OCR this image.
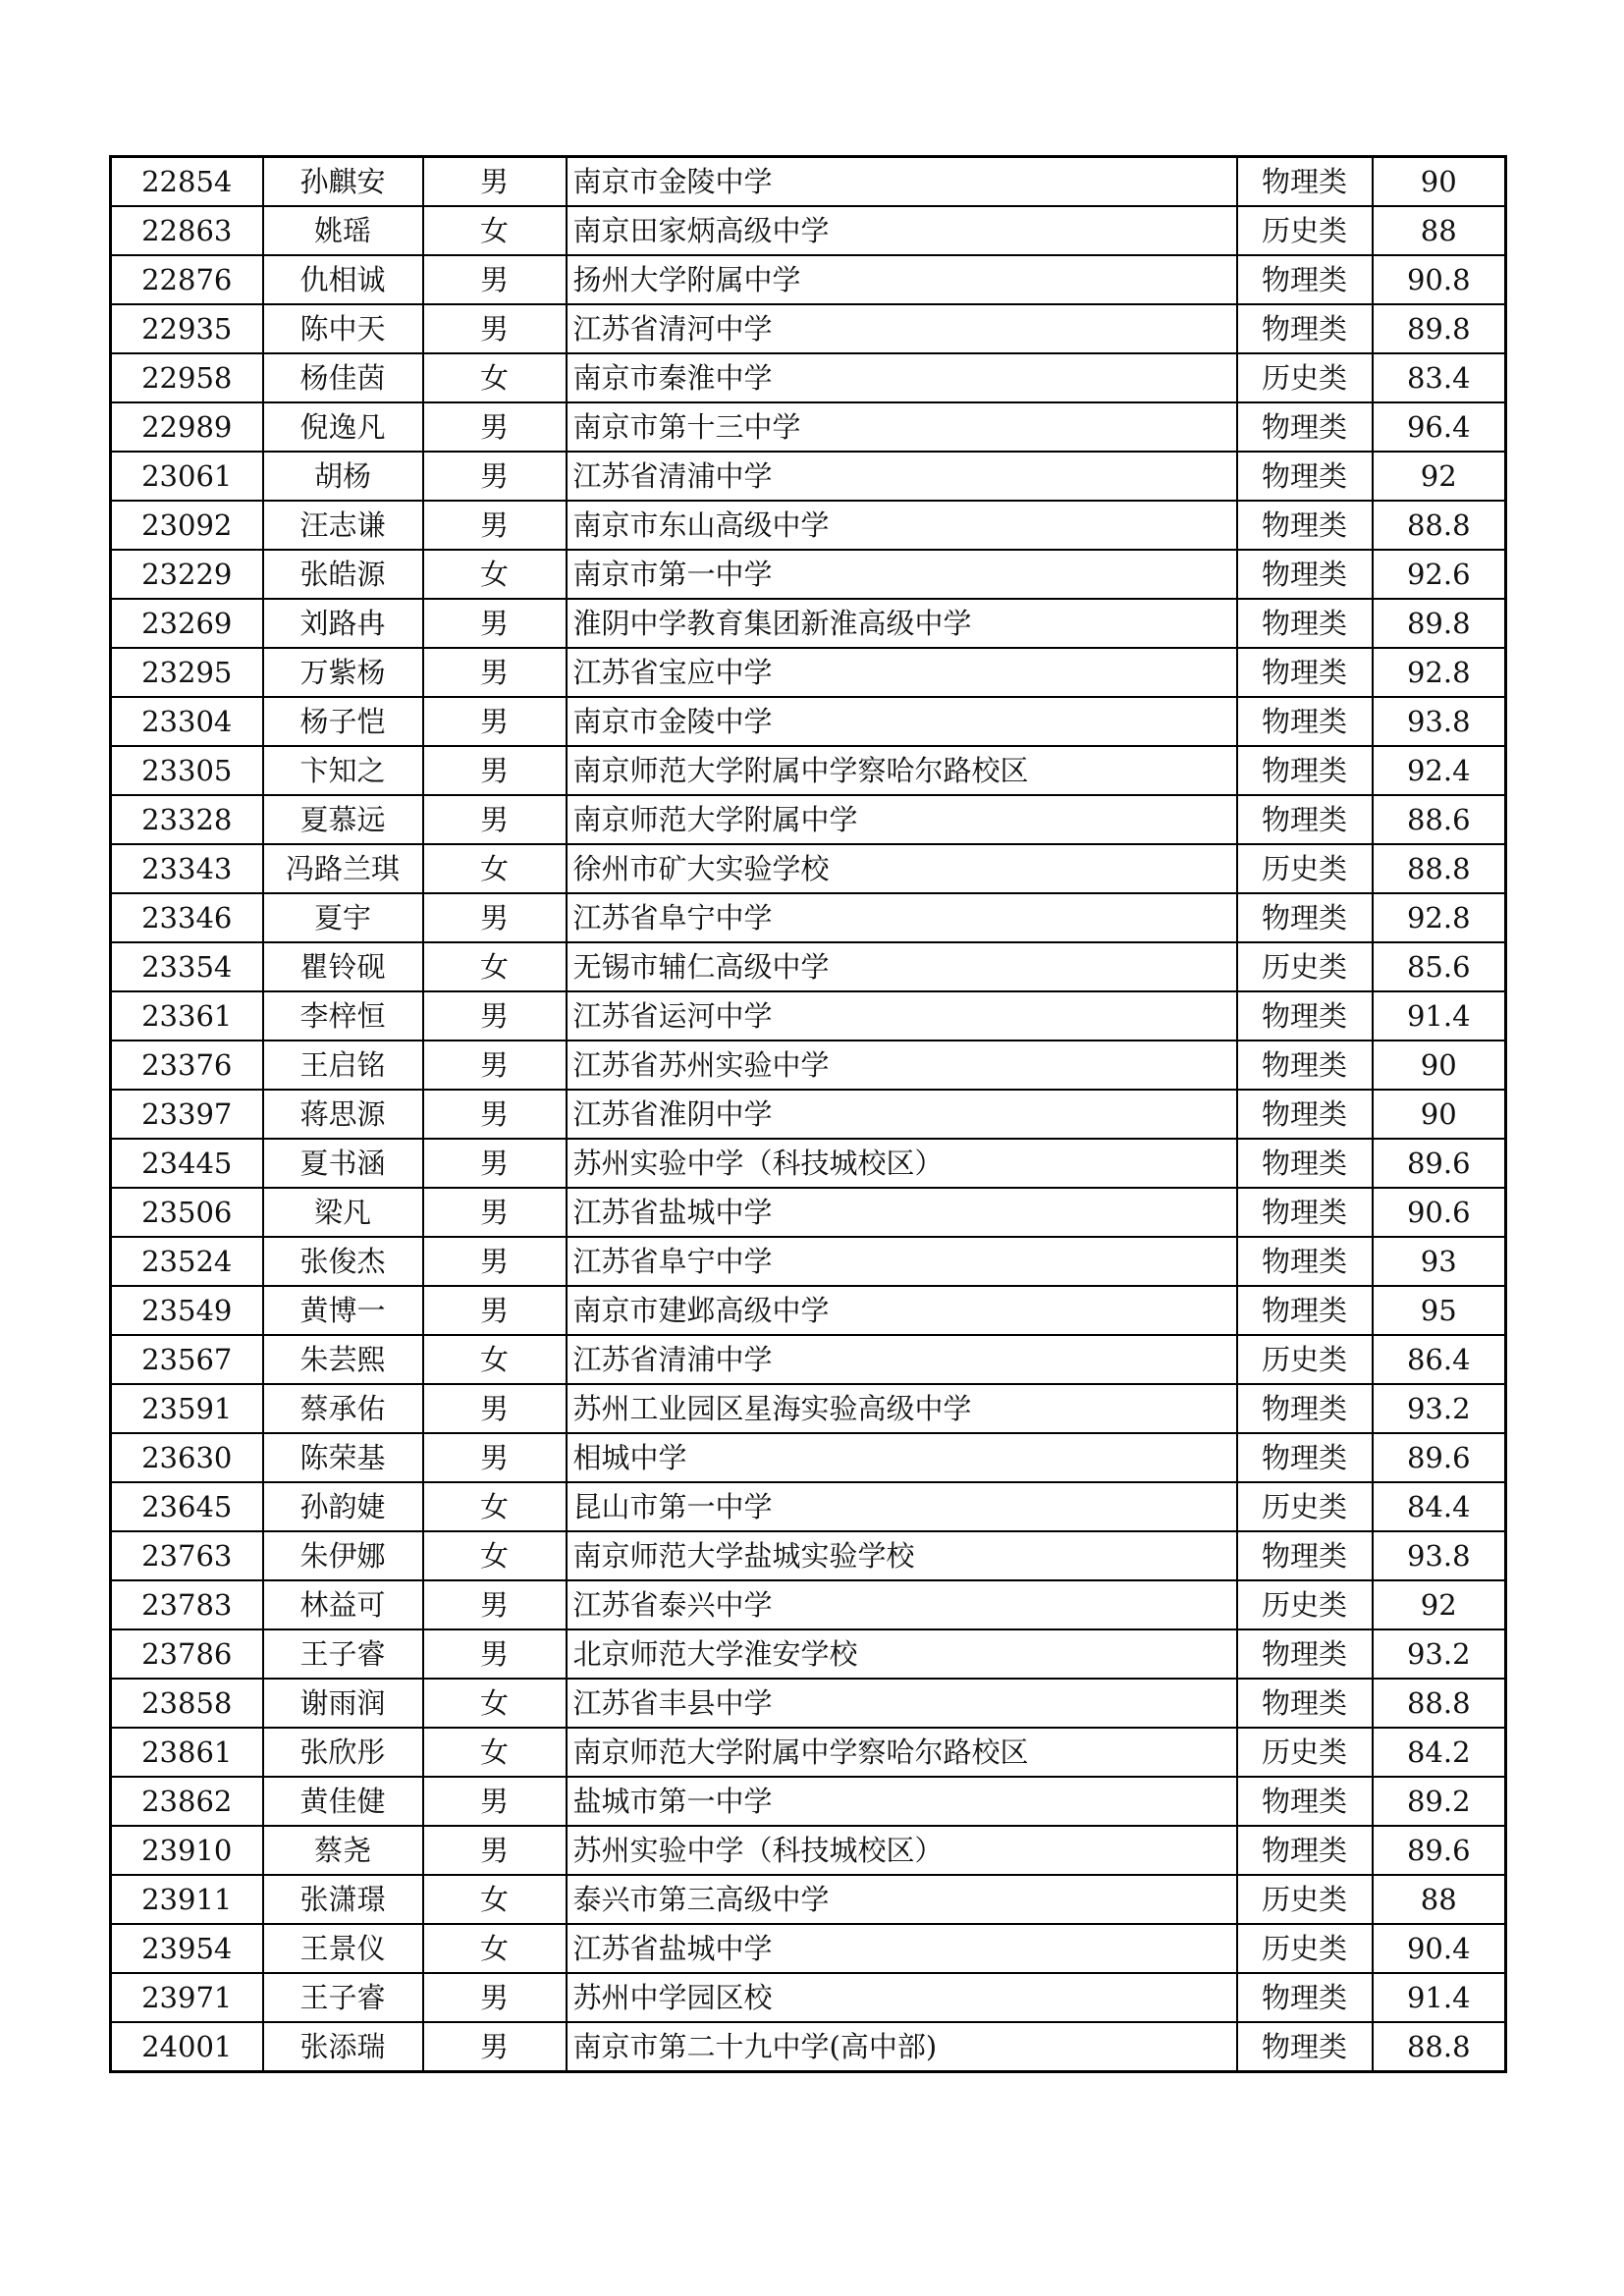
22854	孙麒安	男	南京市金陵中学	物理类	90
22863	姚瑶	女	南京田家炳高级中学	历史类	88
22876	仇相诚	男	扬州大学附属中学	物理类	90.8
22935	陈中天	男	江苏省清河中学	物理类	89.8
22958	杨佳茵	女	南京市秦淮中学	历史类	83.4
22989	倪逸凡	男	南京市第十三中学	物理类	96.4
23061	胡杨	男	江苏省清浦中学	物理类	92
23092	汪志谦	男	南京市东山高级中学	物理类	88.8
23229	张皓源	女	南京市第一中学	物理类	92.6
23269	刘路冉	男	淮阴中学教育集团新淮高级中学	物理类	89.8
23295	万紫杨	男	江苏省宝应中学	物理类	92.8
23304	杨子恺	男	南京市金陵中学	物理类	93.8
23305	卞知之	男	南京师范大学附属中学察哈尔路校区	物理类	92.4
23328	夏慕远	男	南京师范大学附属中学	物理类	88.6
23343	冯路兰琪	女	徐州市矿大实验学校	历史类	88.8
23346	夏宇	男	江苏省阜宁中学	物理类	92.8
23354	瞿铃砚	女	无锡市辅仁高级中学	历史类	85.6
23361	李梓恒	男	江苏省运河中学	物理类	91.4
23376	王启铭	男	江苏省苏州实验中学	物理类	90
23397	蒋思源	男	江苏省淮阴中学	物理类	90
23445	夏书涵	男	苏州实验中学（科技城校区）	物理类	89.6
23506	梁凡	男	江苏省盐城中学	物理类	90.6
23524	张俊杰	男	江苏省阜宁中学	物理类	93
23549	黄博一	男	南京市建邺高级中学	物理类	95
23567	朱芸熙	女	江苏省清浦中学	历史类	86.4
23591	蔡承佑	男	苏州工业园区星海实验高级中学	物理类	93.2
23630	陈荣基	男	相城中学	物理类	89.6
23645	孙韵婕	女	昆山市第一中学	历史类	84.4
23763	朱伊娜	女	南京师范大学盐城实验学校	物理类	93.8
23783	林益可	男	江苏省泰兴中学	历史类	92
23786	王子睿	男	北京师范大学淮安学校	物理类	93.2
23858	谢雨润	女	江苏省丰县中学	物理类	88.8
23861	张欣彤	女	南京师范大学附属中学察哈尔路校区	历史类	84.2
23862	黄佳健	男	盐城市第一中学	物理类	89.2
23910	蔡尧	男	苏州实验中学（科技城校区）	物理类	89.6
23911	张潇璟	女	泰兴市第三高级中学	历史类	88
23954	王景仪	女	江苏省盐城中学	历史类	90.4
23971	王子睿	男	苏州中学园区校	物理类	91.4
24001	张添瑞	男	南京市第二十九中学(高中部)	物理类	88.8
